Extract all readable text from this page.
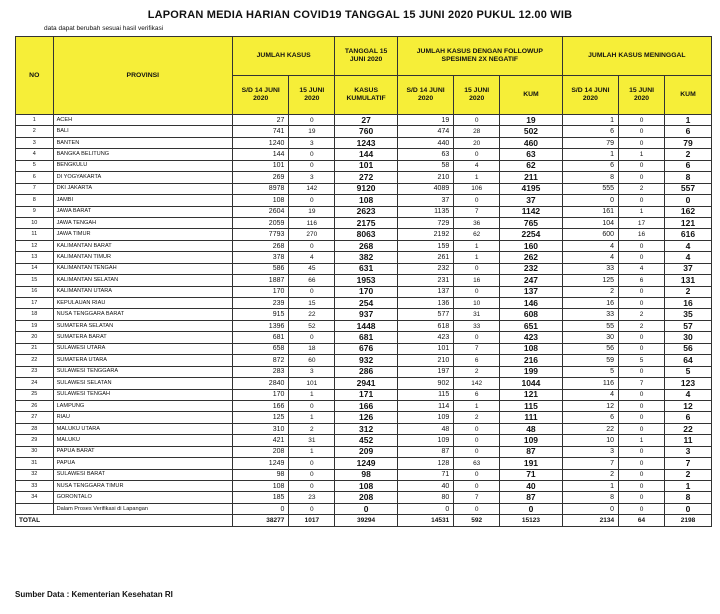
LAPORAN MEDIA HARIAN COVID19 TANGGAL 15 JUNI 2020 PUKUL 12.00 WIB
data dapat berubah sesuai hasil verifikasi
NO	PROVINSI	JUMLAH KASUS		TANGGAL 15 JUNI 2020	JUMLAH KASUS DENGAN FOLLOWUP SPESIMEN 2X NEGATIF			JUMLAH KASUS MENINGGAL		
		S/D 14 JUNI 2020	15 JUNI 2020	KASUS KUMULATIF	S/D 14 JUNI 2020	15 JUNI 2020	KUM	S/D 14 JUNI 2020	15 JUNI 2020	KUM
1	ACEH	27	0	27	19	0	19	1	0	1
2	BALI	741	19	760	474	28	502	6	0	6
3	BANTEN	1240	3	1243	440	20	460	79	0	79
4	BANGKA BELITUNG	144	0	144	63	0	63	1	1	2
5	BENGKULU	101	0	101	58	4	62	6	0	6
6	DI YOGYAKARTA	269	3	272	210	1	211	8	0	8
7	DKI JAKARTA	8978	142	9120	4089	106	4195	555	2	557
8	JAMBI	108	0	108	37	0	37	0	0	0
9	JAWA BARAT	2604	19	2623	1135	7	1142	161	1	162
10	JAWA TENGAH	2059	116	2175	729	36	765	104	17	121
11	JAWA TIMUR	7793	270	8063	2192	62	2254	600	16	616
12	KALIMANTAN BARAT	268	0	268	159	1	160	4	0	4
13	KALIMANTAN TIMUR	378	4	382	261	1	262	4	0	4
14	KALIMANTAN TENGAH	586	45	631	232	0	232	33	4	37
15	KALIMANTAN SELATAN	1887	66	1953	231	16	247	125	6	131
16	KALIMANTAN UTARA	170	0	170	137	0	137	2	0	2
17	KEPULAUAN RIAU	239	15	254	136	10	146	16	0	16
18	NUSA TENGGARA BARAT	915	22	937	577	31	608	33	2	35
19	SUMATERA SELATAN	1396	52	1448	618	33	651	55	2	57
20	SUMATERA BARAT	681	0	681	423	0	423	30	0	30
21	SULAWESI UTARA	658	18	676	101	7	108	56	0	56
22	SUMATERA UTARA	872	60	932	210	6	216	59	5	64
23	SULAWESI TENGGARA	283	3	286	197	2	199	5	0	5
24	SULAWESI SELATAN	2840	101	2941	902	142	1044	116	7	123
25	SULAWESI TENGAH	170	1	171	115	6	121	4	0	4
26	LAMPUNG	166	0	166	114	1	115	12	0	12
27	RIAU	125	1	126	109	2	111	6	0	6
28	MALUKU UTARA	310	2	312	48	0	48	22	0	22
29	MALUKU	421	31	452	109	0	109	10	1	11
30	PAPUA BARAT	208	1	209	87	0	87	3	0	3
31	PAPUA	1249	0	1249	128	63	191	7	0	7
32	SULAWESI BARAT	98	0	98	71	0	71	2	0	2
33	NUSA TENGGARA TIMUR	108	0	108	40	0	40	1	0	1
34	GORONTALO	185	23	208	80	7	87	8	0	8
	Dalam Proses Verifikasi di Lapangan	0	0	0	0	0	0	0	0	0
TOTAL		38277	1017	39294	14531	592	15123	2134	64	2198
Sumber Data : Kementerian Kesehatan RI
